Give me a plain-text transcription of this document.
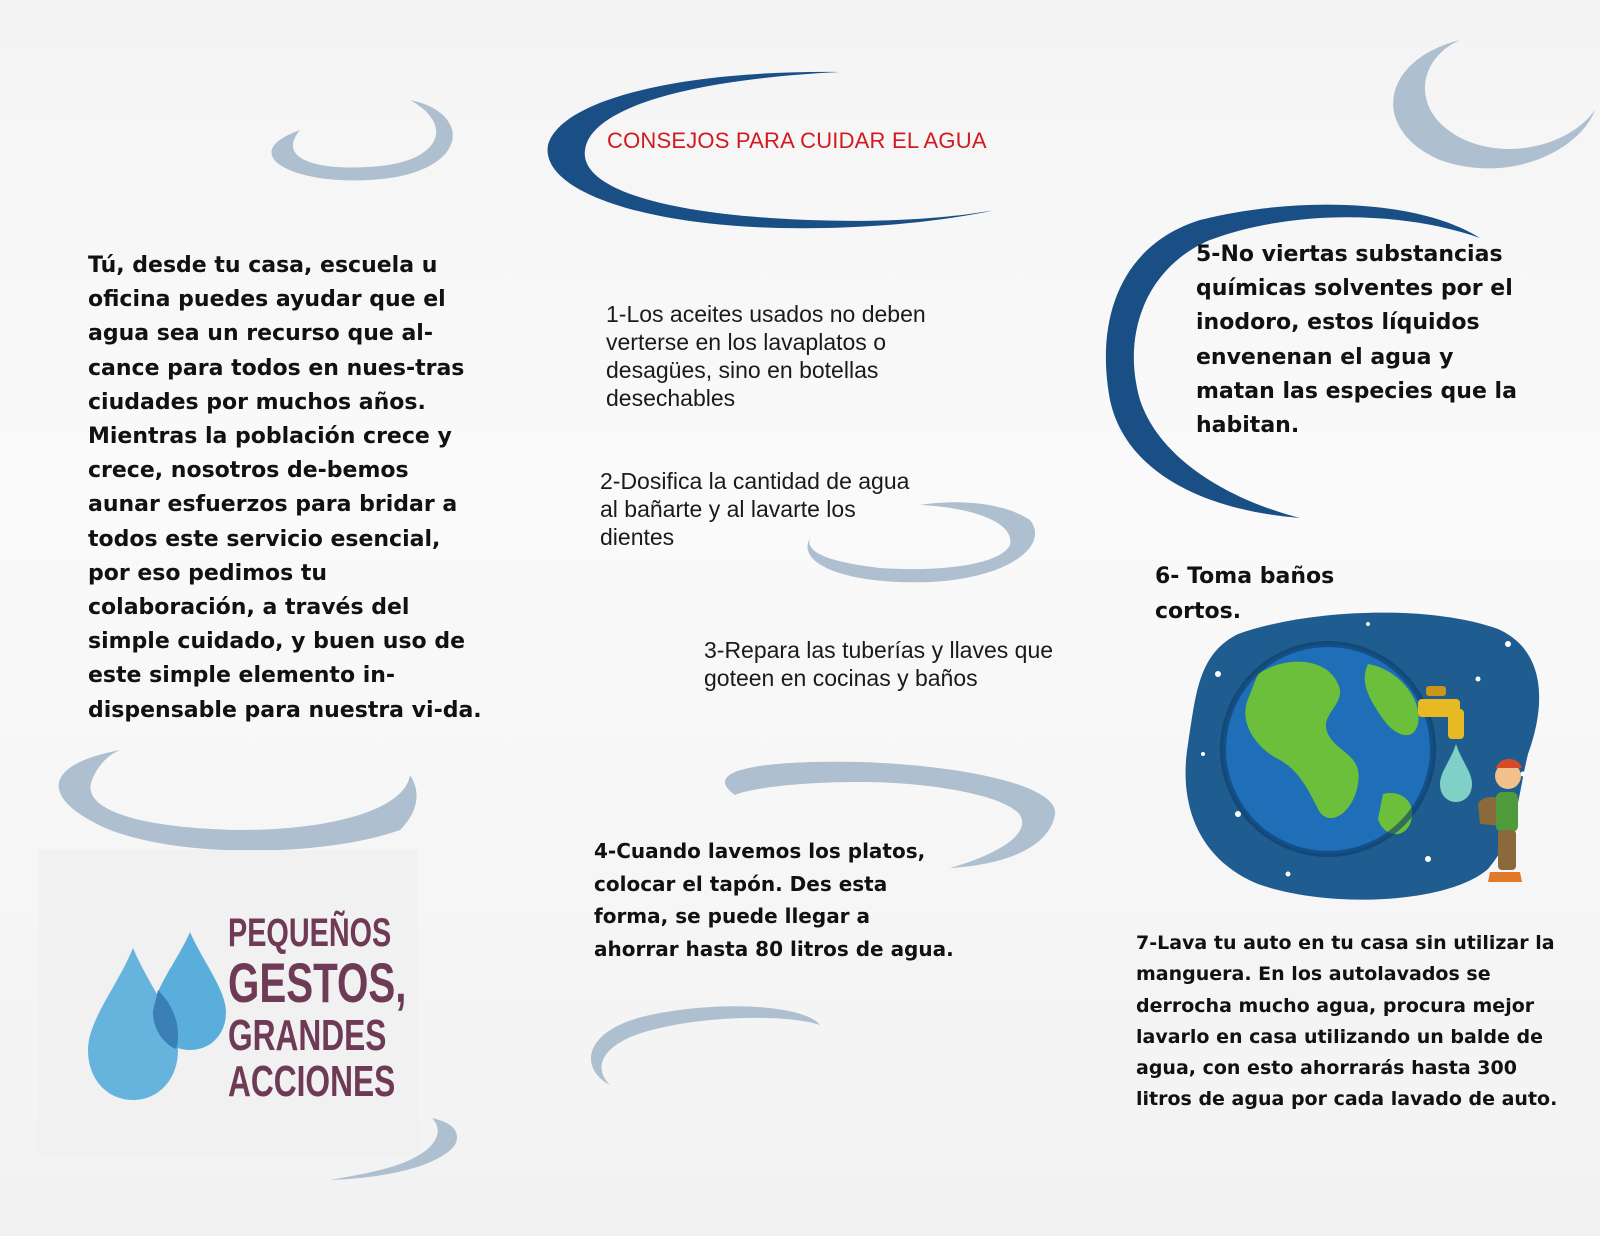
CONSEJOS PARA CUIDAR EL AGUA

Tú, desde tu casa, escuela u oficina puedes ayudar que el agua sea un recurso que al-cance para todos en nues-tras ciudades por muchos años. Mientras la población crece y crece, nosotros de-bemos aunar esfuerzos para bridar a todos este servicio esencial, por eso pedimos tu colaboración, a través del simple cuidado, y buen uso de este simple elemento in-dispensable para nuestra vi-da.

1-Los aceites usados no deben verterse en los lavaplatos o desagües, sino en botellas desechables

2-Dosifica la cantidad de agua al bañarte y al lavarte los dientes

3-Repara las tuberías y llaves que goteen en cocinas y baños

4-Cuando lavemos los platos, colocar el tapón. Des esta forma, se puede llegar a ahorrar hasta 80 litros de agua.

5-No viertas substancias químicas solventes por el inodoro, estos líquidos envenenan el agua y matan las especies que la habitan.

6- Toma baños cortos.

7-Lava tu auto en tu casa sin utilizar la manguera. En los autolavados se derrocha mucho agua, procura mejor lavarlo en casa utilizando un balde de agua, con esto ahorrarás hasta 300 litros de agua por cada lavado de auto.

PEQUEÑOS
GESTOS,
GRANDES
ACCIONES
